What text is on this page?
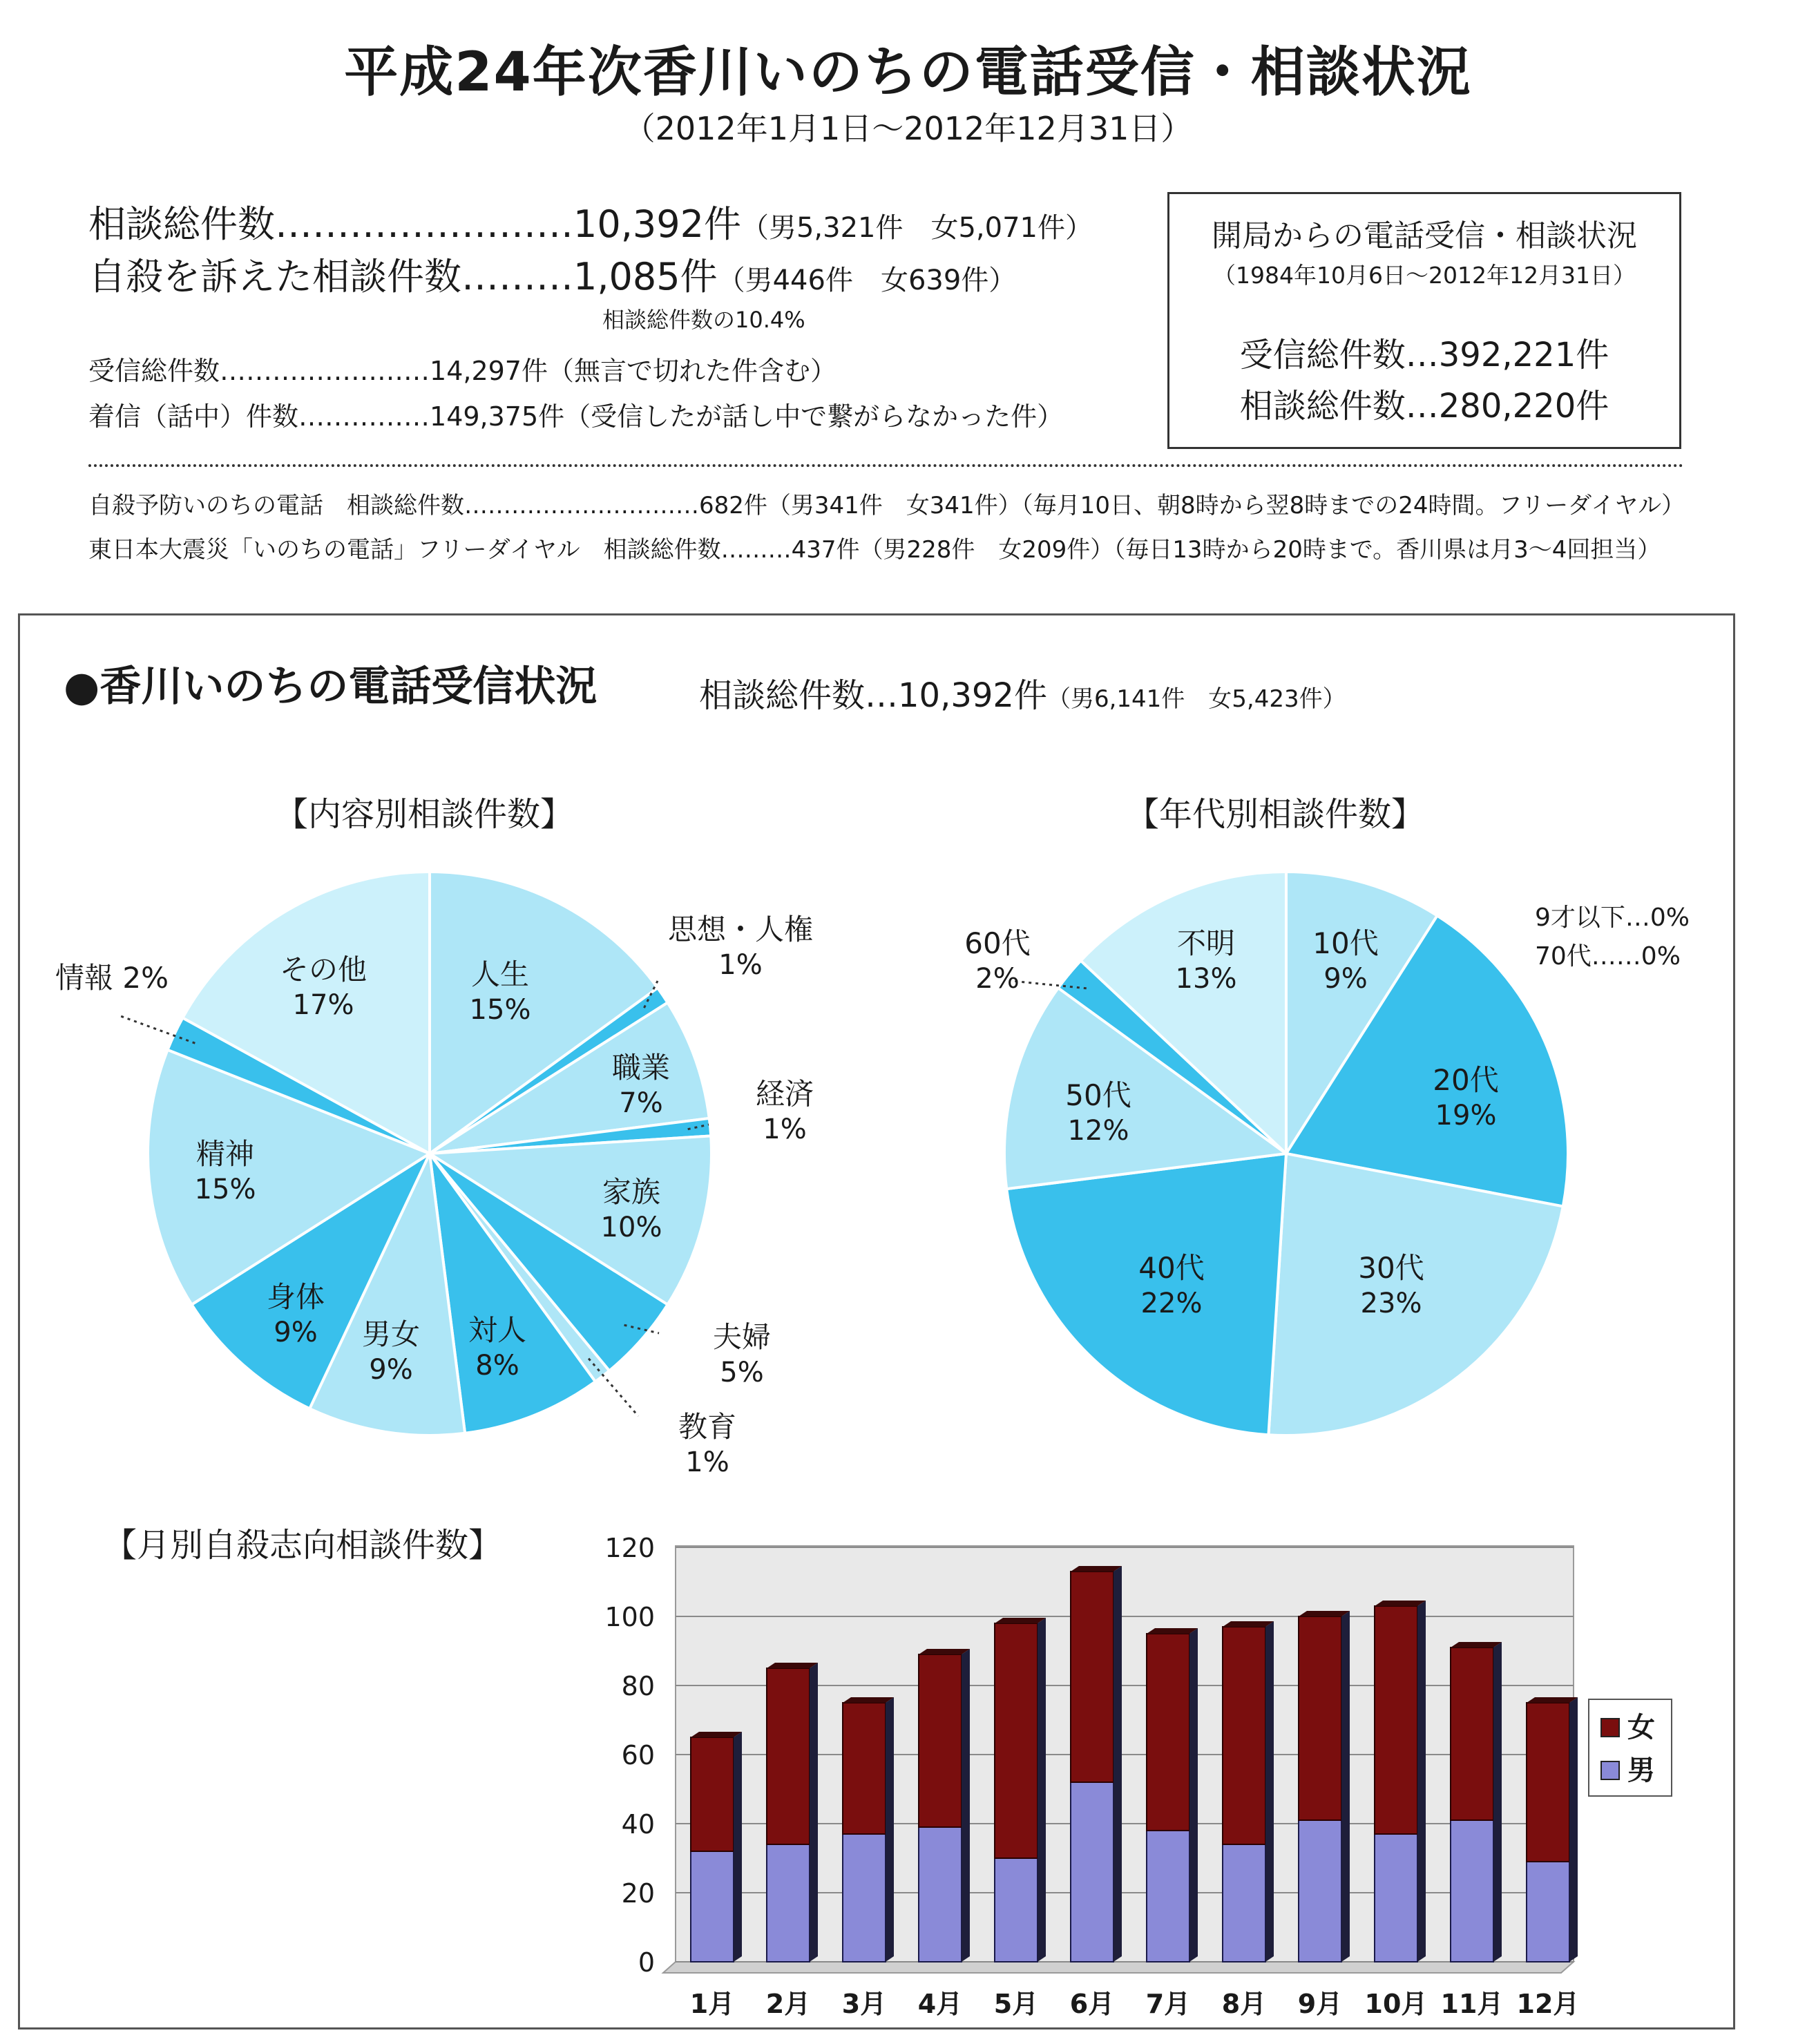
平成24年次香川いのちの電話受信・相談状況
（2012年1月1日～2012年12月31日）
相談総件数……………………10,392件（男5,321件　女5,071件）
自殺を訴えた相談件数………1,085件（男446件　女639件）
相談総件数の10.4%
受信総件数……………………14,297件（無言で切れた件含む）
着信（話中）件数……………149,375件（受信したが話し中で繋がらなかった件）
開局からの電話受信・相談状況
（1984年10月6日～2012年12月31日）
受信総件数…392,221件
相談総件数…280,220件
自殺予防いのちの電話　相談総件数…………………………682件（男341件　女341件）（毎月10日、朝8時から翌8時までの24時間。フリーダイヤル）
東日本大震災「いのちの電話」フリーダイヤル　相談総件数………437件（男228件　女209件）（毎日13時から20時まで。香川県は月3～4回担当）
●香川いのちの電話受信状況	相談総件数…10,392件（男6,141件　女5,423件）
【内容別相談件数】
人生
15%
思想・人権
1%
職業
7%	経済
1%
家族
10%
夫婦
5%
教育
1%
対人
8%
男女
9%
身体
9%
精神
15%
情報 2%	その他
17%
【年代別相談件数】
10代
9%
20代
19%
30代
23%
40代
22%
50代
12%
60代
2%
不明
13%
9才以下…0%
70代……0%
【月別自殺志向相談件数】
0
20
40
60
80
100
120
1月 2月 3月 4月 5月 6月 7月 8月 9月 10月 11月 12月
女
男
